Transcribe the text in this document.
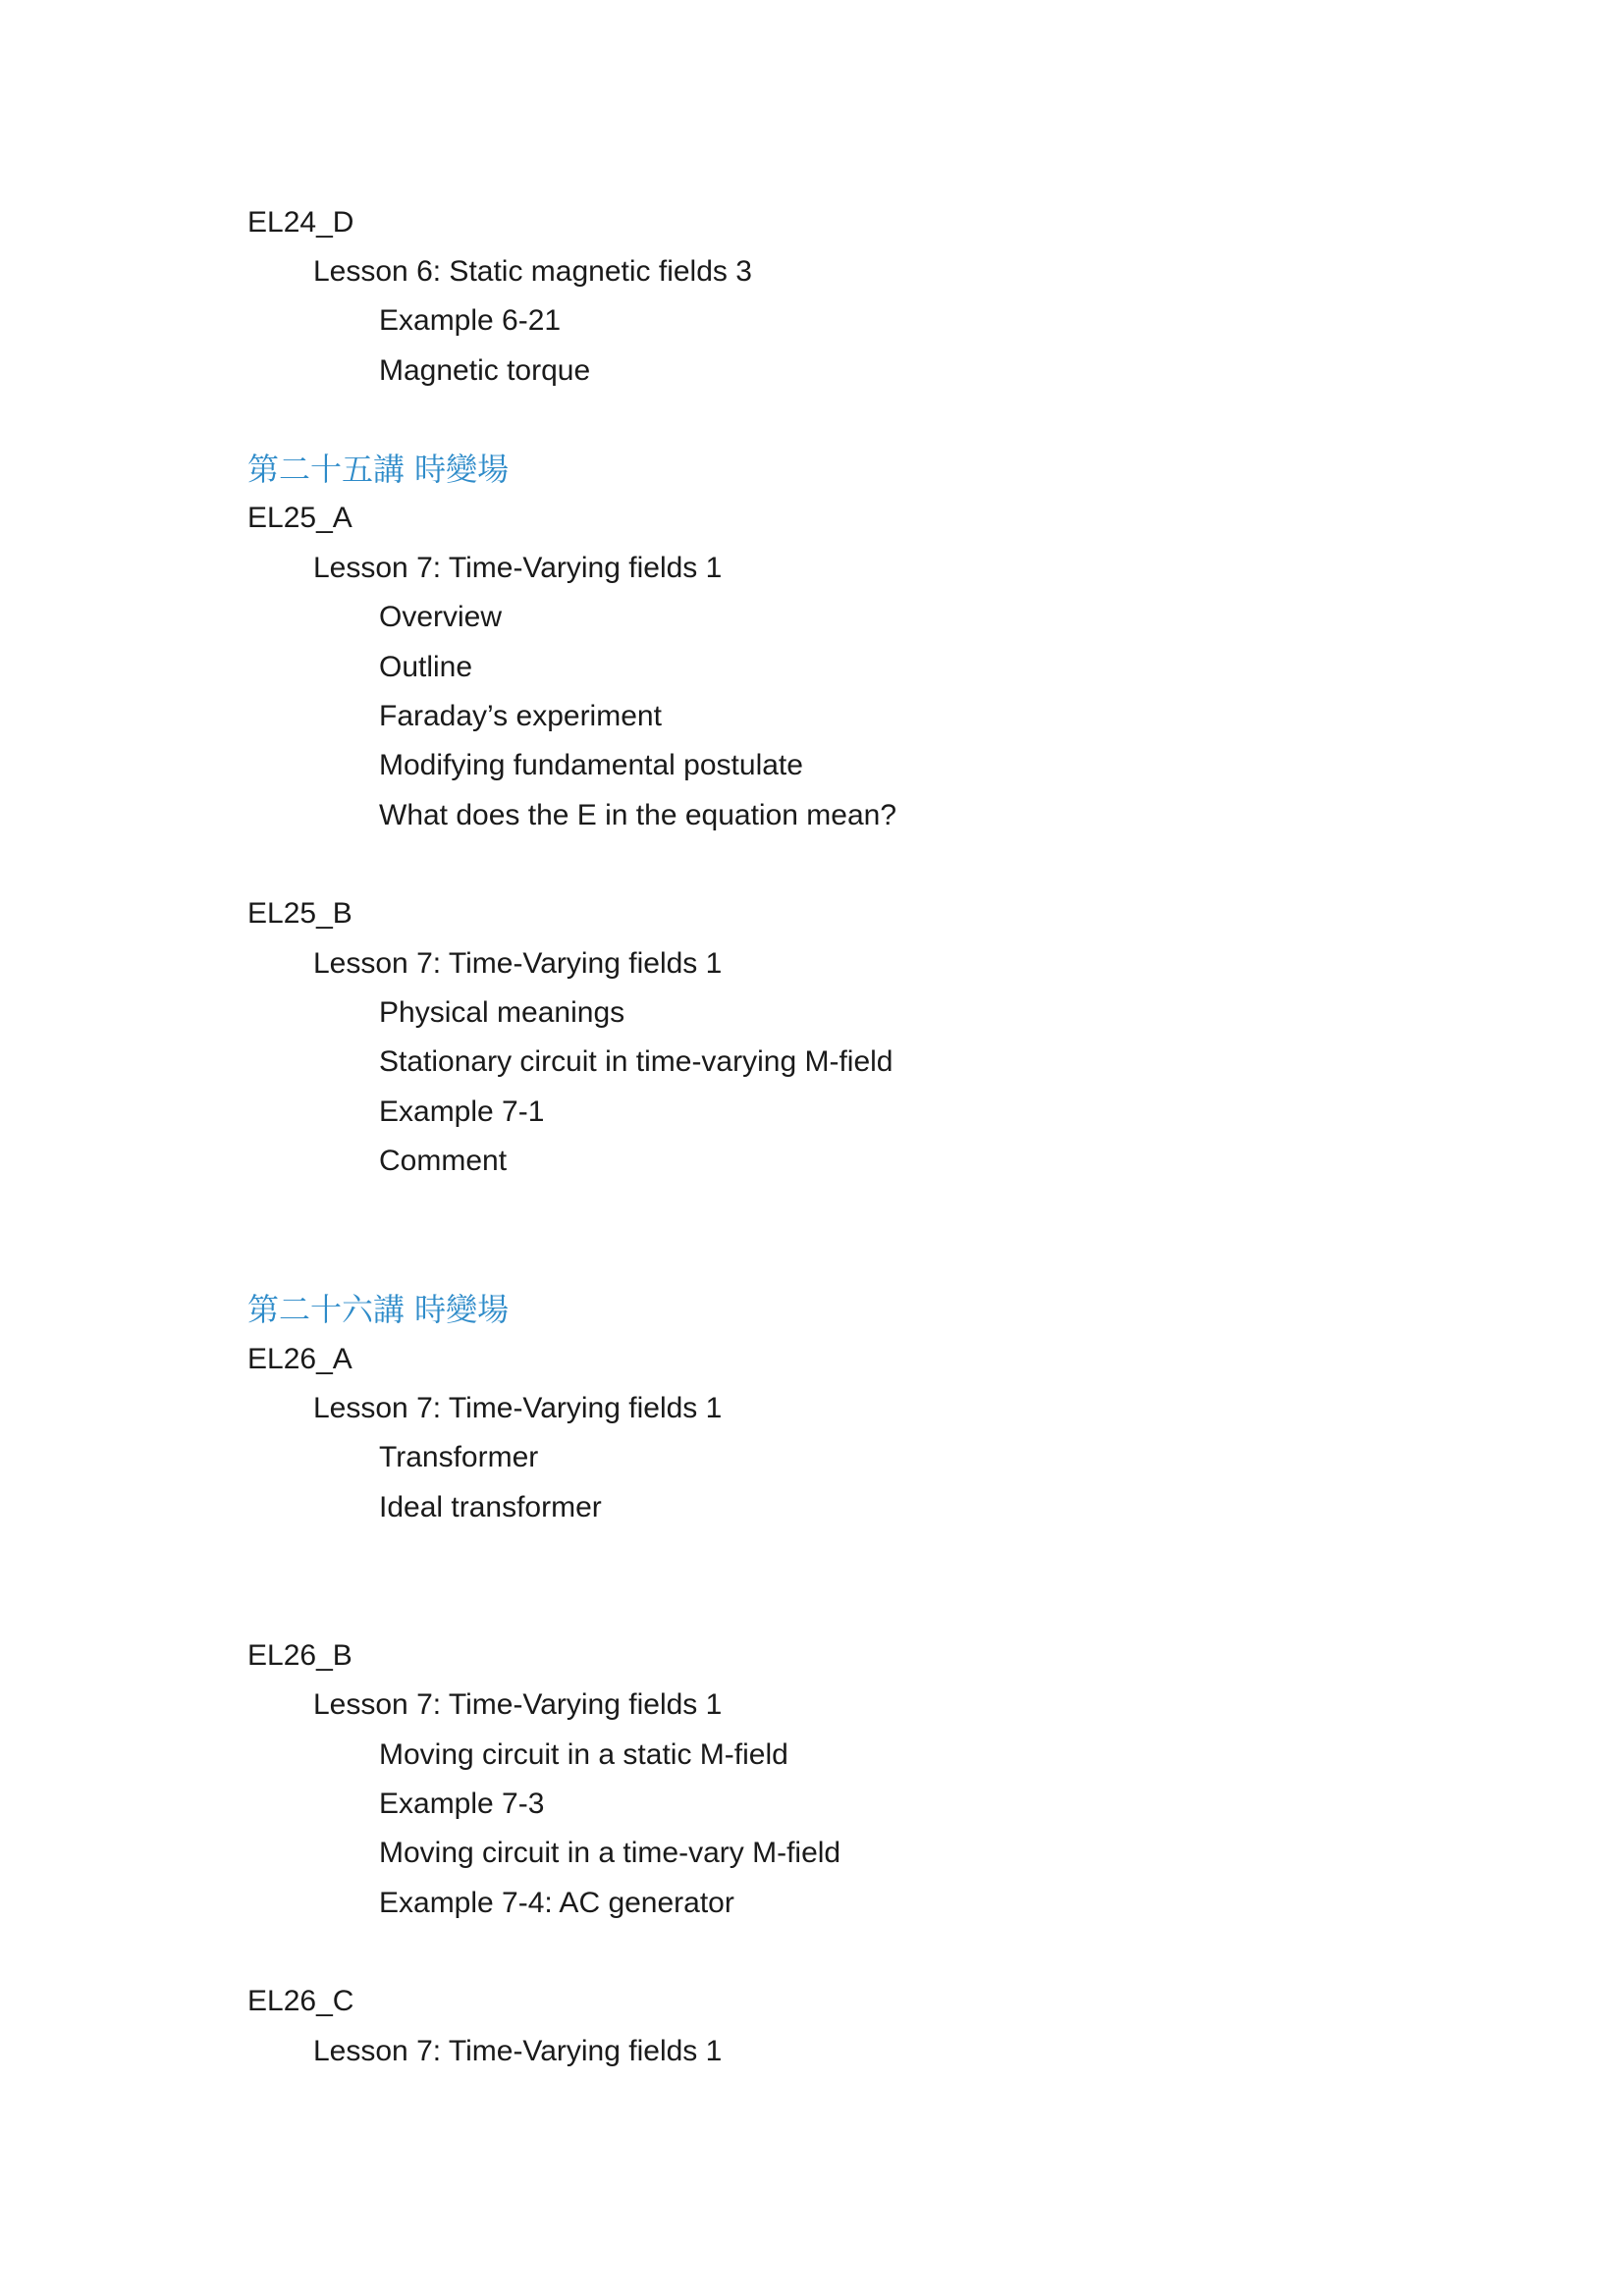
EL24_D
Lesson 6: Static magnetic fields 3
Example 6-21
Magnetic torque
第二十五講 時變場
EL25_A
Lesson 7: Time-Varying fields 1
Overview
Outline
Faraday’s experiment
Modifying fundamental postulate
What does the E in the equation mean?
EL25_B
Lesson 7: Time-Varying fields 1
Physical meanings
Stationary circuit in time-varying M-field
Example 7-1
Comment
第二十六講 時變場
EL26_A
Lesson 7: Time-Varying fields 1
Transformer
Ideal transformer
EL26_B
Lesson 7: Time-Varying fields 1
Moving circuit in a static M-field
Example 7-3
Moving circuit in a time-vary M-field
Example 7-4: AC generator
EL26_C
Lesson 7: Time-Varying fields 1
